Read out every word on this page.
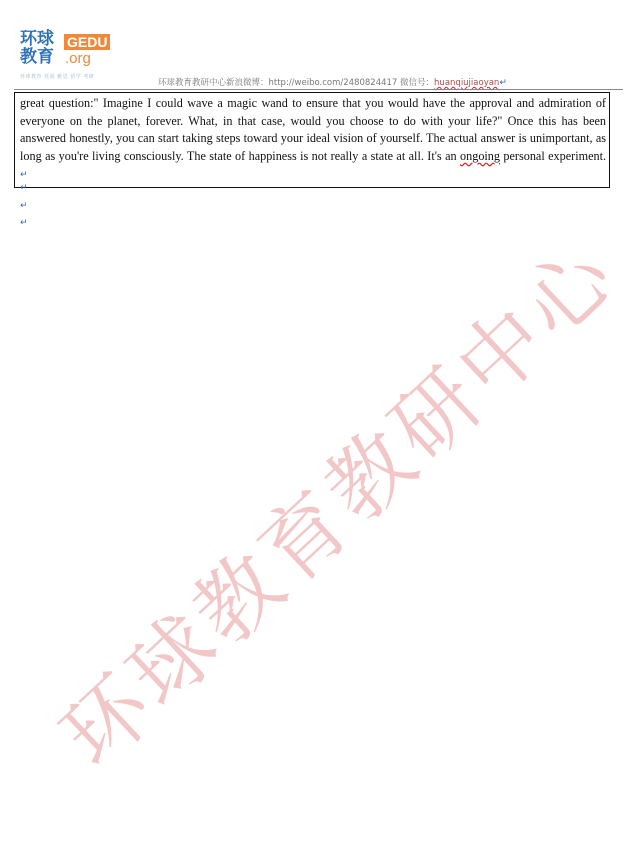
环球教育
GEDU
.org
环球教育 托福 雅思 留学 考研
环球教育教研中心新浪微博：http://weibo.com/2480824417 微信号：huanqiujiaoyan↵
great question:" Imagine I could wave a magic wand to ensure that you would have the approval and admiration of everyone on the planet, forever. What, in that case, would you choose to do with your life?" Once this has been answered honestly, you can start taking steps toward your ideal vision of yourself. The actual answer is unimportant, as long as you're living consciously. The state of happiness is not really a state at all. It's an ongoing personal experiment. ↵
↵
↵
↵
环球教育教研中心
